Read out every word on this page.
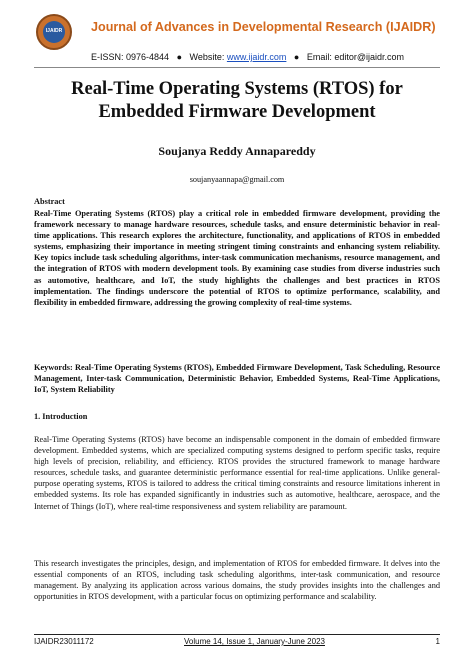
IJAIDR	Journal of Advances in Developmental Research (IJAIDR)
E-ISSN: 0976-4844 ● Website: www.ijaidr.com ● Email: editor@ijaidr.com
Real-Time Operating Systems (RTOS) for Embedded Firmware Development
Soujanya Reddy Annapareddy
soujanyaannapa@gmail.com
Abstract
Real-Time Operating Systems (RTOS) play a critical role in embedded firmware development, providing the framework necessary to manage hardware resources, schedule tasks, and ensure deterministic behavior in real-time applications. This research explores the architecture, functionality, and applications of RTOS in embedded systems, emphasizing their importance in meeting stringent timing constraints and enhancing system reliability. Key topics include task scheduling algorithms, inter-task communication mechanisms, resource management, and the integration of RTOS with modern development tools. By examining case studies from diverse industries such as automotive, healthcare, and IoT, the study highlights the challenges and best practices in RTOS implementation. The findings underscore the potential of RTOS to optimize performance, scalability, and flexibility in embedded firmware, addressing the growing complexity of real-time systems.
Keywords: Real-Time Operating Systems (RTOS), Embedded Firmware Development, Task Scheduling, Resource Management, Inter-task Communication, Deterministic Behavior, Embedded Systems, Real-Time Applications, IoT, System Reliability
1. Introduction
Real-Time Operating Systems (RTOS) have become an indispensable component in the domain of embedded firmware development. Embedded systems, which are specialized computing systems designed to perform specific tasks, require high levels of precision, reliability, and efficiency. RTOS provides the structured framework to manage hardware resources, schedule tasks, and guarantee deterministic performance essential for real-time applications. Unlike general-purpose operating systems, RTOS is tailored to address the critical timing constraints and resource limitations inherent in embedded systems. Its role has expanded significantly in industries such as automotive, healthcare, aerospace, and the Internet of Things (IoT), where real-time responsiveness and system reliability are paramount.
This research investigates the principles, design, and implementation of RTOS for embedded firmware. It delves into the essential components of an RTOS, including task scheduling algorithms, inter-task communication, and resource management. By analyzing its application across various domains, the study provides insights into the challenges and opportunities in RTOS development, with a particular focus on optimizing performance and scalability.
IJAIDR23011172	Volume 14, Issue 1, January-June 2023	1
